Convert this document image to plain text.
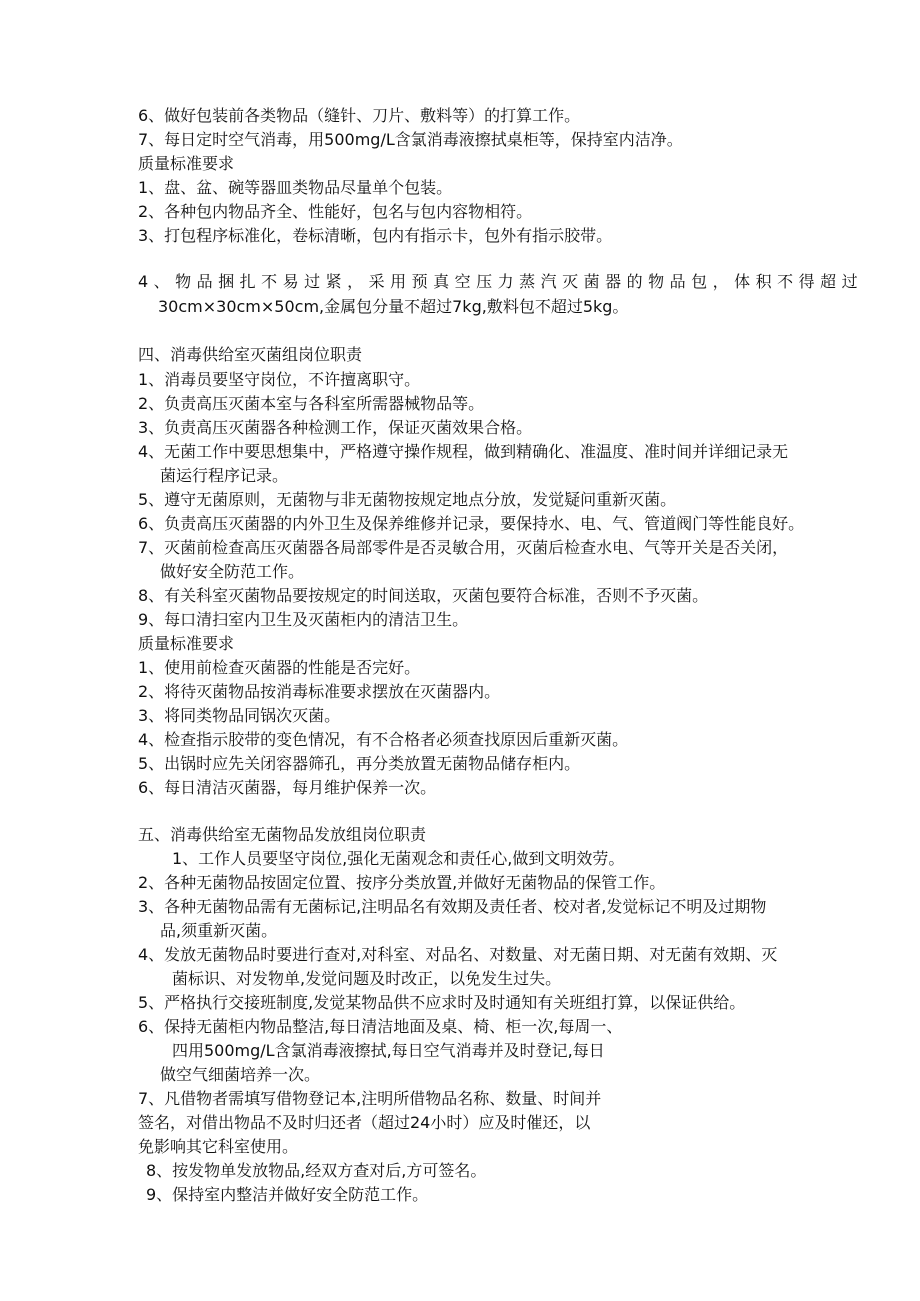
6、做好包装前各类物品（缝针、刀片、敷料等）的打算工作。
7、每日定时空气消毒，用500mg/L含氯消毒液擦拭桌柜等，保持室内洁净。
质量标准要求
1、盘、盆、碗等器皿类物品尽量单个包装。
2、各种包内物品齐全、性能好，包名与包内容物相符。
3、打包程序标准化，卷标清晰，包内有指示卡，包外有指示胶带。
4、物品捆扎不易过紧，采用预真空压力蒸汽灭菌器的物品包，体积不得超过
30cm×30cm×50cm,金属包分量不超过7kg,敷料包不超过5kg。
四、消毒供给室灭菌组岗位职责
1、消毒员要坚守岗位，不许擅离职守。
2、负责高压灭菌本室与各科室所需器械物品等。
3、负责高压灭菌器各种检测工作，保证灭菌效果合格。
4、无菌工作中要思想集中，严格遵守操作规程，做到精确化、准温度、准时间并详细记录无
菌运行程序记录。
5、遵守无菌原则，无菌物与非无菌物按规定地点分放，发觉疑问重新灭菌。
6、负责高压灭菌器的内外卫生及保养维修并记录，要保持水、电、气、管道阀门等性能良好。
7、灭菌前检查高压灭菌器各局部零件是否灵敏合用，灭菌后检查水电、气等开关是否关闭，
做好安全防范工作。
8、有关科室灭菌物品要按规定的时间送取，灭菌包要符合标准，否则不予灭菌。
9、每口清扫室内卫生及灭菌柜内的清洁卫生。
质量标准要求
1、使用前检查灭菌器的性能是否完好。
2、将待灭菌物品按消毒标准要求摆放在灭菌器内。
3、将同类物品同锅次灭菌。
4、检查指示胶带的变色情况，有不合格者必须查找原因后重新灭菌。
5、出锅时应先关闭容器筛孔，再分类放置无菌物品储存柜内。
6、每日清洁灭菌器，每月维护保养一次。
五、消毒供给室无菌物品发放组岗位职责
1、工作人员要坚守岗位,强化无菌观念和责任心,做到文明效劳。
2、各种无菌物品按固定位置、按序分类放置,并做好无菌物品的保管工作。
3、各种无菌物品需有无菌标记,注明品名有效期及责任者、校对者,发觉标记不明及过期物
品,须重新灭菌。
4、发放无菌物品时要进行查对,对科室、对品名、对数量、对无菌日期、对无菌有效期、灭
菌标识、对发物单,发觉问题及时改正，以免发生过失。
5、严格执行交接班制度,发觉某物品供不应求时及时通知有关班组打算，以保证供给。
6、保持无菌柜内物品整洁,每日清洁地面及桌、椅、柜一次,每周一、
四用500mg/L含氯消毒液擦拭,每日空气消毒并及时登记,每日
做空气细菌培养一次。
7、凡借物者需填写借物登记本,注明所借物品名称、数量、时间并
签名，对借出物品不及时归还者（超过24小时）应及时催还，以
免影响其它科室使用。
8、按发物单发放物品,经双方查对后,方可签名。
9、保持室内整洁并做好安全防范工作。
